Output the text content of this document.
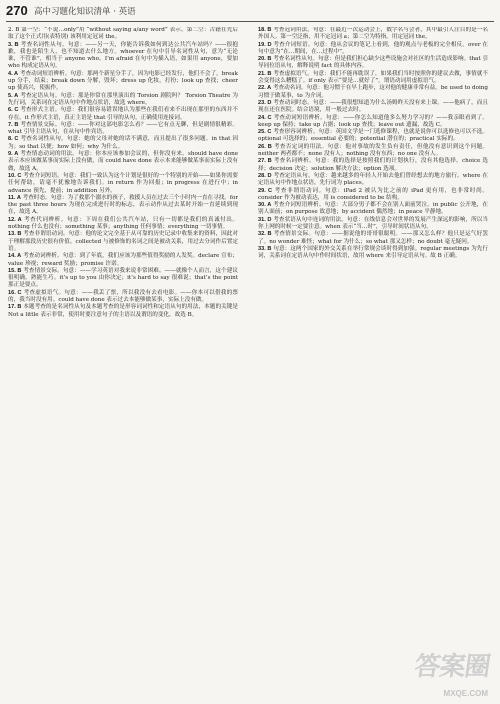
270 高中习题化知识清单 · 英语

2. B 第一空：“不说…only”用 “without saying a/any word” 表示。第二空：古籍在先后取了这个正式用(表特别) 该利用定冠词 the。

3. B 考查名词性从句。句意：——另一天，你能告诉我如何到达公共汽车站吗？——很抱歉，我也是陌生人，也不知道去什么地方。whoever 在句中引导名词性从句，意为“无论谁，不管谁”，相当于 anyone who。I’m afraid 在句中为插入语，如果用 anyone，要加 who 构成定语从句。

4. A 考查动词短语辨析。句意：那两个新星分手了，因为电影已经发行，他们不会了。break up 分手，结束；break down 分解，毁坏；dress up 化妆，打扮；look up 查找；cheer up 使高兴，使振作。

5. A 考查定语从句。句意：那是你常在那里演出的 Torsion 剧院吗？ Torsion Theatre 为先行词，关系词在定语从句中作地点状语，故选 where。

6. C 考查形式主语。句意：我们很容易错误地认为那些在我们看来不出现在那里的东西并不存在。it 作形式主语，真正主语是 that 引导的从句，正确使用连接词。

7. B 考查情景交际。句意：——你对这部电影怎么看？——它有点无聊，但是剧情很精彩。what 引导主语从句，在从句中作宾语。

8. C 考查名词性从句。句意：她的父母对她的话不满意，而且提出了很多问题。in that 因为；so that 以便；how 如何；why 为什么。

9. A 考查情态动词的用法。句意：你本应该参加会议的，但你没有来。should have done 表示本应该做某事而实际上没有做，而 could have done 表示本来能够做某事而实际上没有做，故选 A。

10. C 考查介词短语。句意：我们一致认为这个计划是很好的一个特别的开始——如果你需要任何帮助，请毫不犹豫地告诉我们。in return 作为回报；in progress 在进行中；in advance 预先，提前；in addition 另外。

11. A 考查时态。句意：为了救那个溺水的孩子，救援人员在过去三个小时内一直在寻找。for the past three hours 为现在完成进行时的标志，表示动作从过去某时开始一直延续到现在，故选 A。

12. A 考查代词辨析。句意：下周在我们公共汽车站，只有一切都是我们的真诚付出。nothing 什么也没有；something 某事；anything 任何事情；everything 一切事情。

13. B 考查非谓语动词。句意：他的论文完全基于从可靠的历史记录中收集来的资料，因此对于理解那段历史很有价值。collected 与被修饰的名词之间是被动关系，用过去分词作后置定语。

14. A 考查动词辨析。句意：到了年底，我们应该为那些值得奖励的人发奖。declare 宣布；value 珍视；reward 奖励；promise 许诺。

15. B 考查情景交际。句意：——学习英语对我来说非常困难。——就像个人而言，这个建议很明确，熟能生巧。it’s up to you 由你决定；it’s hard to say 很难说；that’s the point 那正是要点。

16. C 考查虚拟语气。句意：——我丢了票，所以我没有去看电影。——你本可以借我的票的，我当时没有用。could have done 表示过去本能够做某事，实际上没有做。

17. B 本题考查的是名词性从句及本题考查的是形容词词性和定语从句的用法，本题的关键是 Not a little 表示非常，使用时要注意句子的主语以及谓语的变化，故选 B。

18. B 考查冠词用法。句意：在最近一次运动会上，数字名与会者，其中最引人注目的是一名外国人。第一空泛指，用不定冠词 a；第二空为特指，用定冠词 the。

19. D 考查介词短语。句意：他从会议的笔记上看到，他的观点与老板的完全相反。over 在句中意为“在…期间，在…过程中”。

20. B 考查名词性从句。句意：但是我们担心缺少这些设施会对社区的生活造成影响。that 引导同位语从句，解释说明 fact 的具体内容。

21. B 考查虚拟语气。句意：我们不能再耽误了，如果我们当时按照你的建议去做，事情就不会变得这么糟糕了。if only 表示“要是…就好了”，谓语动词用虚拟语气。

22. A 考查动名词。句意：他习惯于在早上跑步，这对他的健康非常有益。be used to doing 习惯于做某事，to 为介词。

23. D 考查动词时态。句意：——我很想知道为什么汤姆昨天没有来上课。——他病了，而且现在还在医院。结合语境，用一般过去时。

24. C 考查动词短语辨析。句意：——你怎么知道他多么努力学习的？——我亲眼看到了。keep up 保持；take up 占据；look up 查找；leave out 遗漏，故选 C。

25. C 考查形容词辨析。句意：英国文学是一门选修课程，也就是说你可以选修也可以不选。optional 可选择的；essential 必要的；potential 潜在的；practical 实际的。

26. B 考查否定词的用法。句意：他对事故的发生负有责任，但他没有意识到这个问题。neither 两者都不；none 没有人；nothing 没有东西；no one 没有人。

27. B 考查名词辨析。句意：我的选择是按照我们的计划执行，没有其他选择。choice 选择；decision 决定；solution 解决方法；option 选项。

28. D 考查定语从句。句意：越来越多的年轻人开始去他们曾经想去的地方旅行。where 在定语从句中作地点状语，先行词为 places。

29. C 考查非谓语动词。句意：iPad 2 被认为比之前的 iPad 更有用，也非常时尚。consider 作为被动表达，用 is considered to be 结构。

30. A 考查介词短语辨析。句意：大部分男子都不会在别人面前哭泣。in public 公开地，在别人面前；on purpose 故意地；by accident 偶然地；in peace 平静地。

31. D 考查状语从句中连词的用法。句意：在线信息会对世界的发展产生深远的影响，所以当你上网的时候一定要注意。when 表示“当…时”，引导时间状语从句。

32. B 考查情景交际。句意：——据说他的哥哥很聪明。——那又怎么样？他只是运气好罢了。no wonder 难怪；what for 为什么；so what 那又怎样；no doubt 毫无疑问。

33. B 句意：这两个国家的外交关系在举行常规会谈时得到加强。regular meetings 为先行词，关系词在定语从句中作时间状语，故用 where 来引导定语从句。故 B 正确。

答案圈
MXQE.COM
